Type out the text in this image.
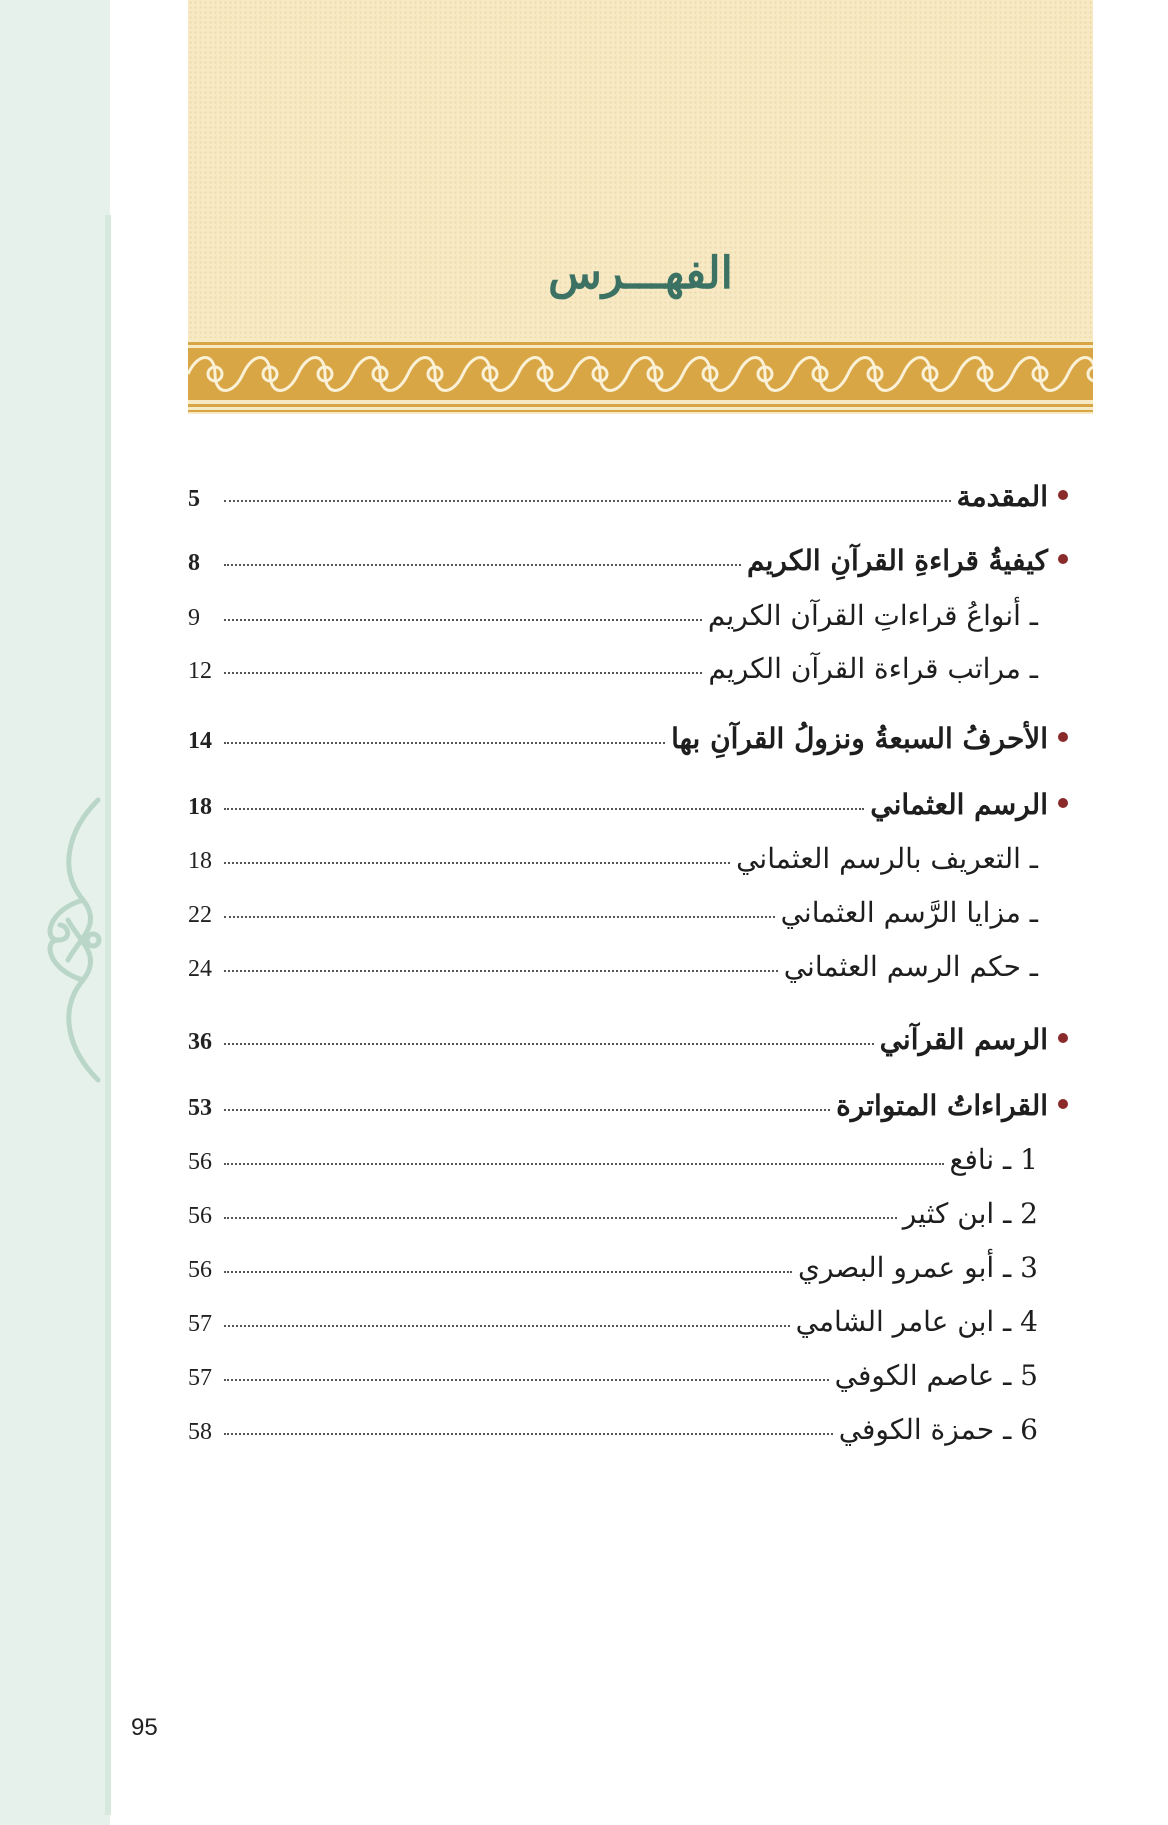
الفهـــرس
المقدمة
5
كيفيةُ قراءةِ القرآنِ الكريم
8
ـ أنواعُ قراءاتِ القرآن الكريم
9
ـ مراتب قراءة القرآن الكريم
12
الأحرفُ السبعةُ ونزولُ القرآنِ بها
14
الرسم العثماني
18
ـ التعريف بالرسم العثماني
18
ـ مزايا الرَّسم العثماني
22
ـ حكم الرسم العثماني
24
الرسم القرآني
36
القراءاتُ المتواترة
53
1 ـ نافع
56
2 ـ ابن كثير
56
3 ـ أبو عمرو البصري
56
4 ـ ابن عامر الشامي
57
5 ـ عاصم الكوفي
57
6 ـ حمزة الكوفي
58
95
